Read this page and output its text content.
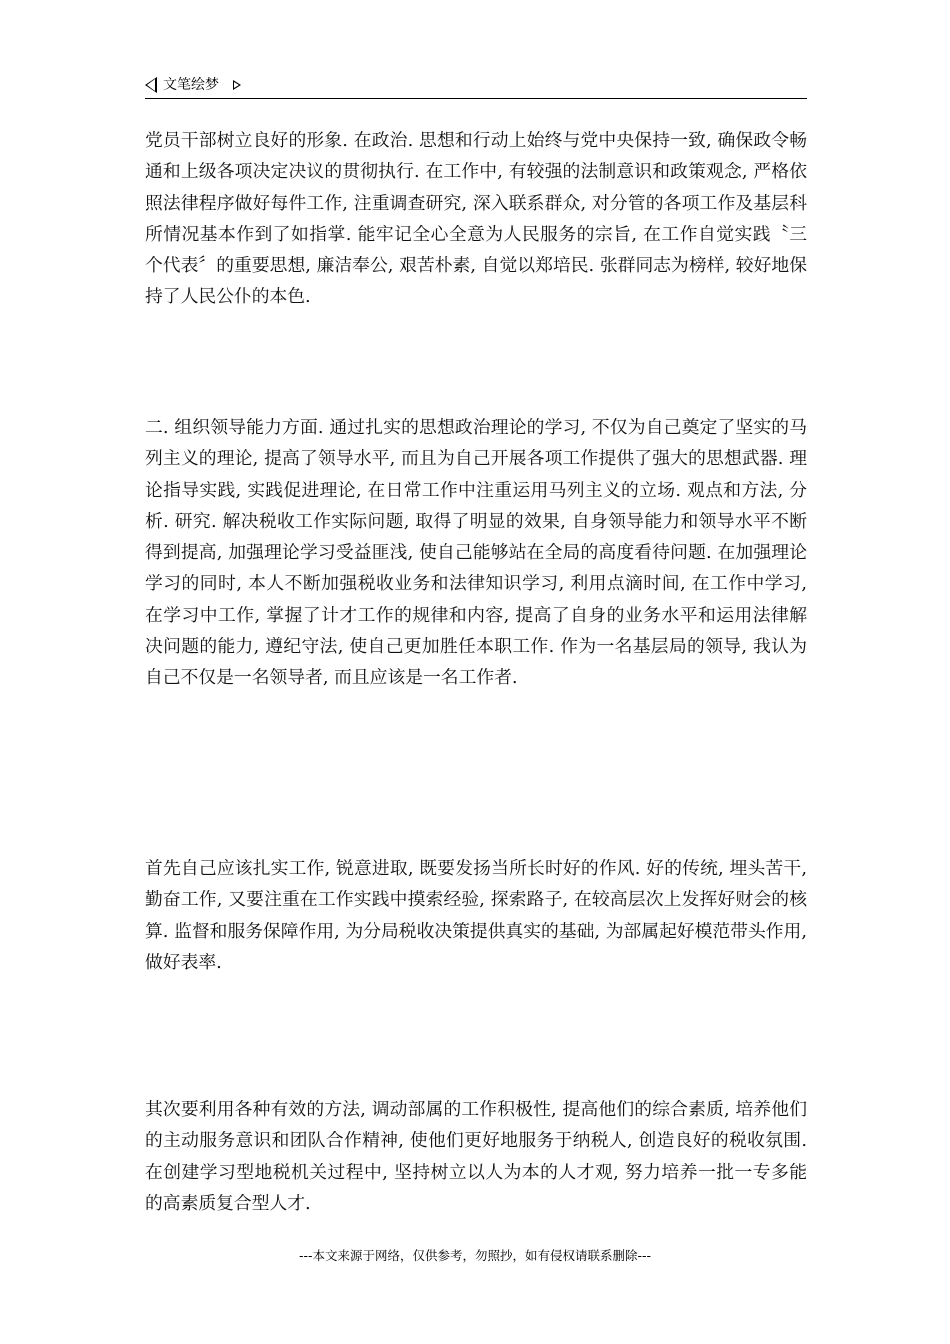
文笔绘梦

党员干部树立良好的形象. 在政治. 思想和行动上始终与党中央保持一致, 确保政令畅通和上级各项决定决议的贯彻执行. 在工作中, 有较强的法制意识和政策观念, 严格依照法律程序做好每件工作, 注重调查研究, 深入联系群众, 对分管的各项工作及基层科所情况基本作到了如指掌. 能牢记全心全意为人民服务的宗旨, 在工作自觉实践〝三个代表〞的重要思想, 廉洁奉公, 艰苦朴素, 自觉以郑培民. 张群同志为榜样, 较好地保持了人民公仆的本色.

二. 组织领导能力方面. 通过扎实的思想政治理论的学习, 不仅为自己奠定了坚实的马列主义的理论, 提高了领导水平, 而且为自己开展各项工作提供了强大的思想武器. 理论指导实践, 实践促进理论, 在日常工作中注重运用马列主义的立场. 观点和方法, 分析. 研究. 解决税收工作实际问题, 取得了明显的效果, 自身领导能力和领导水平不断得到提高, 加强理论学习受益匪浅, 使自己能够站在全局的高度看待问题. 在加强理论学习的同时, 本人不断加强税收业务和法律知识学习, 利用点滴时间, 在工作中学习, 在学习中工作, 掌握了计才工作的规律和内容, 提高了自身的业务水平和运用法律解决问题的能力, 遵纪守法, 使自己更加胜任本职工作. 作为一名基层局的领导, 我认为自己不仅是一名领导者, 而且应该是一名工作者.

首先自己应该扎实工作, 锐意进取, 既要发扬当所长时好的作风. 好的传统, 埋头苦干, 勤奋工作, 又要注重在工作实践中摸索经验, 探索路子, 在较高层次上发挥好财会的核算. 监督和服务保障作用, 为分局税收决策提供真实的基础, 为部属起好模范带头作用, 做好表率.

其次要利用各种有效的方法, 调动部属的工作积极性, 提高他们的综合素质, 培养他们的主动服务意识和团队合作精神, 使他们更好地服务于纳税人, 创造良好的税收氛围. 在创建学习型地税机关过程中, 坚持树立以人为本的人才观, 努力培养一批一专多能的高素质复合型人才.

---本文来源于网络，仅供参考，勿照抄，如有侵权请联系删除---
